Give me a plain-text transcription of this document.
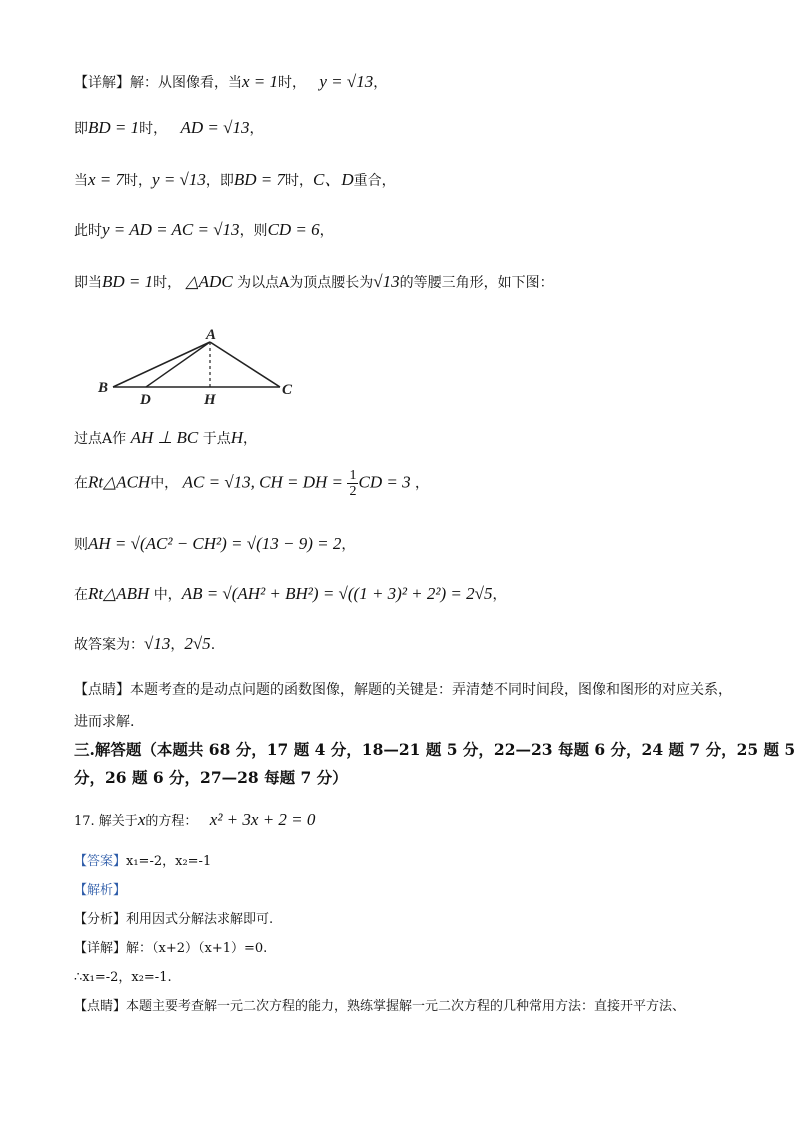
【详解】解：从图像看，当x = 1时， y = √13，
即BD = 1时， AD = √13，
当x = 7时，y = √13，即BD = 7时，C、D重合，
此时y = AD = AC = √13，则CD = 6，
即当BD = 1时， △ADC 为以点A为顶点腰长为√13的等腰三角形，如下图：
A
B	C
D	H
过点A作 AH ⊥ BC 于点H，
在Rt△ACH中， AC = √13, CH = DH = $\frac{1}{2}$ CD = 3 ，
则AH = √(AC² − CH²) = √(13 − 9) = 2，
在Rt△ABH 中，AB = √(AH² + BH²) = √((1 + 3)² + 2²) = 2√5，
故答案为：√13，2√5.
【点睛】本题考查的是动点问题的函数图像，解题的关键是：弄清楚不同时间段，图像和图形的对应关系，
进而求解.
三.解答题（本题共 68 分，17 题 4 分，18—21 题 5 分，22—23 每题 6 分，24 题 7 分，25 题 5
分，26 题 6 分，27—28 每题 7 分）
17. 解关于x的方程： x² + 3x + 2 = 0
【答案】x₁=-2，x₂=-1
【解析】
【分析】利用因式分解法求解即可.
【详解】解：（x+2）（x+1）=0.
∴x₁=-2，x₂=-1.
【点睛】本题主要考查解一元二次方程的能力，熟练掌握解一元二次方程的几种常用方法：直接开平方法、
